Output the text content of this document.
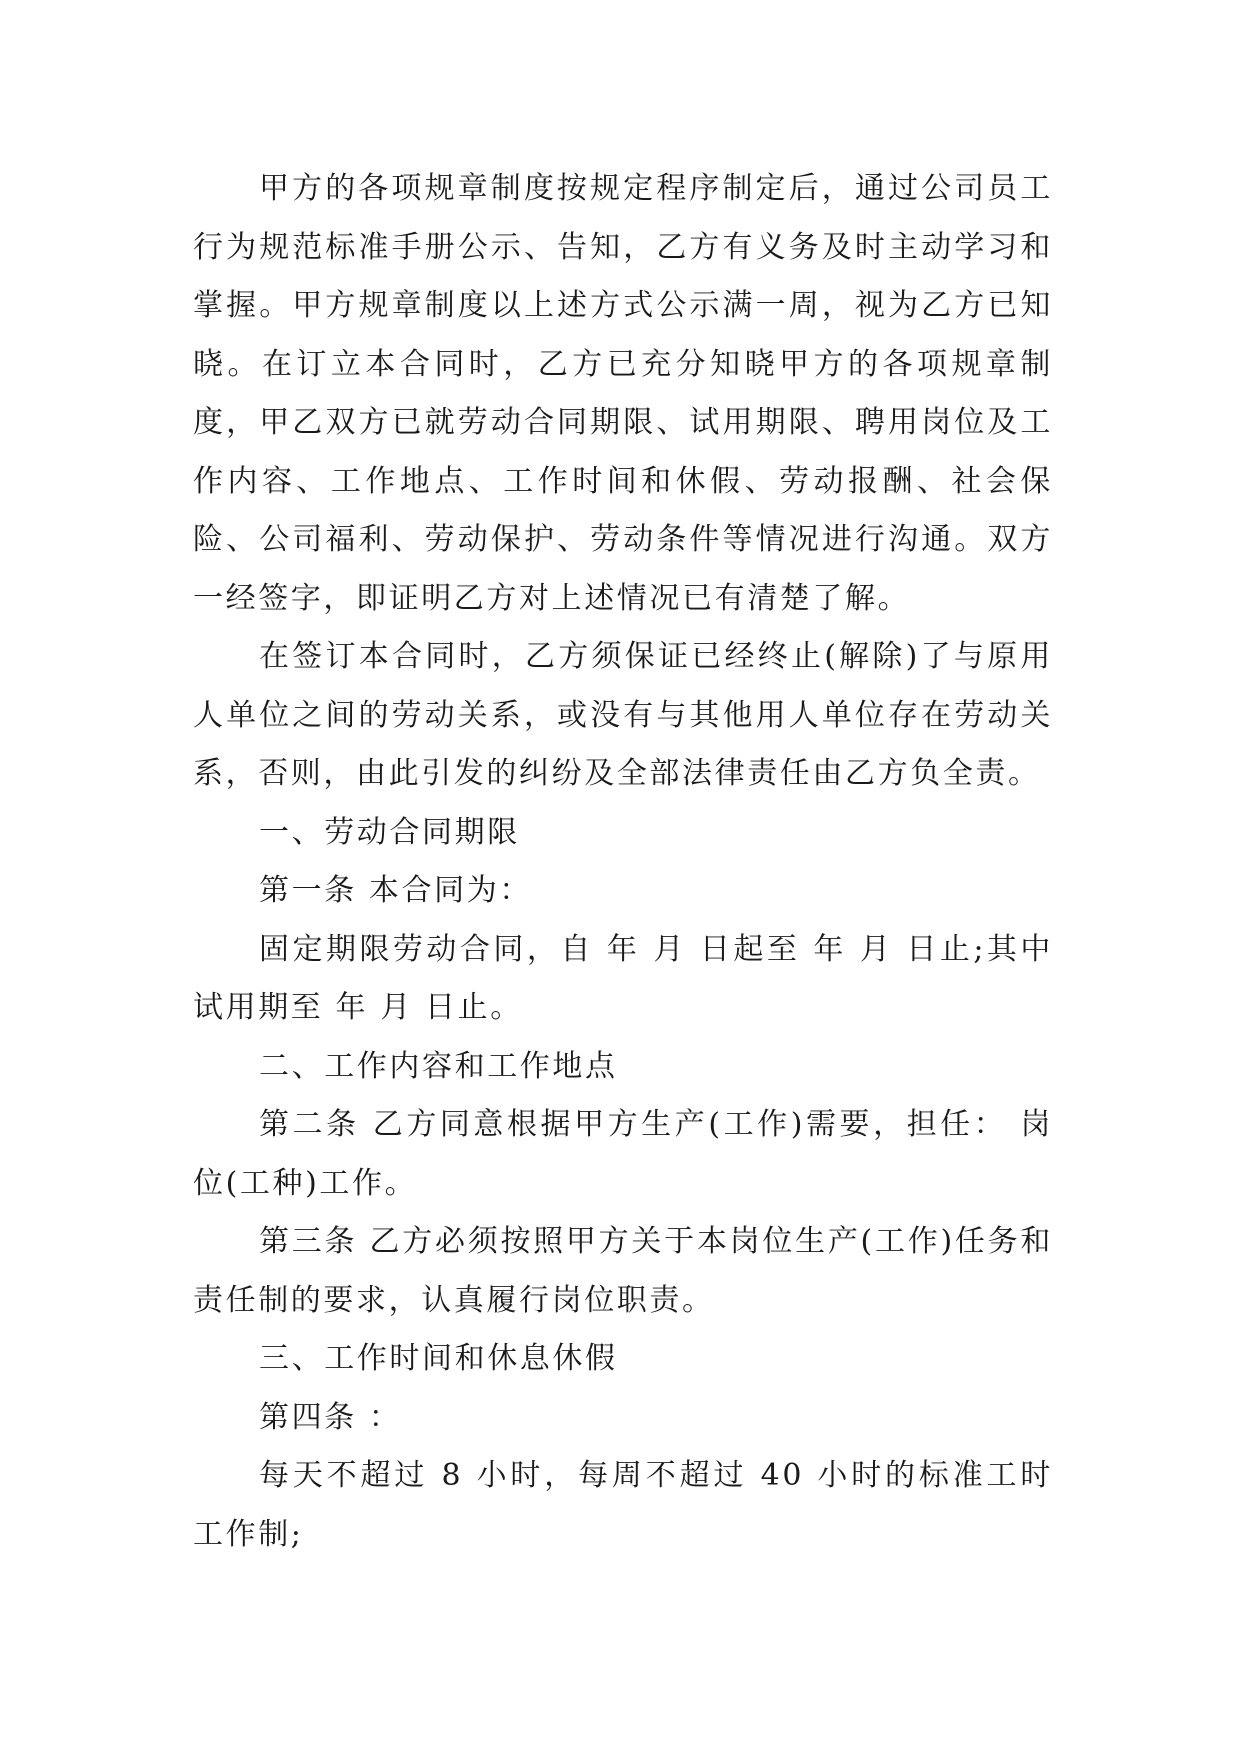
甲方的各项规章制度按规定程序制定后，通过公司员工行为规范标准手册公示、告知，乙方有义务及时主动学习和掌握。甲方规章制度以上述方式公示满一周，视为乙方已知晓。在订立本合同时，乙方已充分知晓甲方的各项规章制度，甲乙双方已就劳动合同期限、试用期限、聘用岗位及工作内容、工作地点、工作时间和休假、劳动报酬、社会保险、公司福利、劳动保护、劳动条件等情况进行沟通。双方一经签字，即证明乙方对上述情况已有清楚了解。

在签订本合同时，乙方须保证已经终止(解除)了与原用人单位之间的劳动关系，或没有与其他用人单位存在劳动关系，否则，由此引发的纠纷及全部法律责任由乙方负全责。

一、劳动合同期限

第一条 本合同为：

固定期限劳动合同，自 年 月 日起至 年 月 日止;其中试用期至 年 月 日止。

二、工作内容和工作地点

第二条 乙方同意根据甲方生产(工作)需要，担任： 岗位(工种)工作。

第三条 乙方必须按照甲方关于本岗位生产(工作)任务和责任制的要求，认真履行岗位职责。

三、工作时间和休息休假

第四条 ：

每天不超过 8 小时，每周不超过 40 小时的标准工时工作制;
